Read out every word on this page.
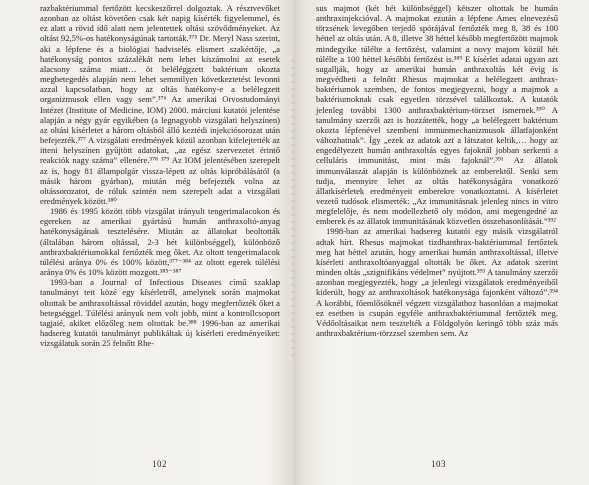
razbaktériummal fertőzött kecskeszőrrel dolgoztak. A résztvevőket azonban az oltást követően csak két napig kísérték figyelemmel, és ez alatt a rövid idő alatt nem jelentettek oltási szövődményeket. Az oltást 92,5%-os hatékonyságúnak tartották.³⁷⁵ Dr. Meryl Nass szerint, aki a lépfene és a biológiai hadviselés elismert szakértője, „a hatékonyság pontos százalékát nem lehet kiszámolni az esetek alacsony száma miatt… öt beléléggzett baktérium okozta megbetegedés alapján nem lehet semmilyen következtetést levonni azzal kapcsolatban, hogy az oltás hatékony-e a belélegzett organizmusok ellen vagy sem”.³⁷⁶ Az amerikai Orvostudományi Intézet (Institute of Medicine, IOM) 2000. márciusi kutatói jelentése alapján a négy gyár egyikében (a legnagyobb vizsgálati helyszínen) az oltási kísérletet a három oltásból álló keztédi injekciósorozat után befejezték.³⁷⁷ A vizsgálati eredmények közül azonban kifelejtették az itteni helyszínen gyűjtött adatokat, „az egész szervezetet érintő reakciók nagy száma” ellenére.³⁷⁸ ³⁷⁹ Az IOM jelentésében szerepelt az is, hogy 81 állampolgár vissza-lépett az oltás kipróbálásától (a másik három gyárban), miután még befejezték volna az oltássorozatot, de róluk szintén nem szerepelt adat a vizsgálati eredmények között.³⁸⁰

1986 és 1995 között több vizsgálat irányult tengerimalacokon és egereken az amerikai gyártású humán anthraxoltó-anyag hatékonyságának tesztelésére. Miután az állatokat beoltották (általában három oltással, 2-3 hét különbséggel), különböző anthraxbaktériumokkal fertőzték meg őket. Az oltott tengerimalacok túlélési aránya 0% és 100% között,³⁷⁷⁻³⁸⁴ az oltott egerek túlélési aránya 0% és 10% között mozgott.³⁸⁵⁻³⁸⁷

1993-ban a Journal of Infectious Diseases című szaklap tanulmányt tett közé egy kísérletről, amelynek során majmokat oltottak be anthraxoltással röviddel azután, hogy megfertőzték őket a betegséggel. Túlélési arányuk nem volt jobb, mint a kontrollcsoport tagjaié, akiket előzőleg nem oltottak be.³⁸⁸ 1996-ban az amerikai hadsereg kutatói tanulmányt publikáltak új kísérleti eredményeiket: vizsgálatuk során 25 felnőtt Rhe-

102

sus majmot (két hét különbséggel) kétszer oltottak be humán anthraxinjekcióval. A majmokat ezután a lépfene Ames elnevezésű törzsének levegőben terjedő spórájával fertőzték meg 8, 38 és 100 héttel az oltás után. A 8, illetve 38 héttel később megfertőzött majmok mindegyike túlélte a fertőzést, valamint a novy majom közül hét túlélte a 100 héttel későbbi fertőzést is.³⁸⁹ E kísérlet adatai ugyan azt sugallják, hogy az amerikai humán anthraxoltás két évig is megvédheti a felnőtt Rhesus majmokat a belélegzett anthrax-baktériumok szemben, de fontos megjegyezni, hogy a majmok a baktériumoknak csak egyetlen törzsével találkoztak. A kutatók jelenleg további 1300 anthraxbaktérium-törzset ismernek.³⁹⁰ A tanulmány szerzői azt is hozzátették, hogy „a belélegzett baktérium okozta lépfenével szembeni immunmechanizmusok állatfajonként változhatnak”. Így „ezek az adatok azt a látszatot keltik,… hogy az engedélyezett humán anthraxoltás egyes fajoknál jobban serkenti a celluláris immunitást, mint más fajoknál”.³⁹¹ Az állatok immunválaszát alapján is különböznek az emberektől. Senki sem tudja, mennyire lehet az oltás hatékonyságára vonatkozó állatkísérletek eredményeit emberekre vonatkoztatni. A kísérletet vezető tudósok elismerték: „Az immunitásnak jelenleg nincs in vitro megfelelője, és nem modellezhető oly módon, ami megengedné az emberek és az állatok immunitásának közvetlen összehasonlítását.”³⁹²

1998-ban az amerikai hadsereg kutatói egy másik vizsgálatról adtak hírt. Rhesus majmokat tizdhanthrax-baktériummal fertőztek meg hat héttel azután, hogy amerikai humán anthraxoltással, illetve kísérleti anthraxoltóanyaggal oltották be őket. Az adatok szerint minden oltás „szignifikáns védelmet” nyújtott.³⁹³ A tanulmány szerzői azonban megjegyezték, hogy „a jelenlegi vizsgálatok eredményeiből kiderült, hogy az anthraxoltások hatékonysága fajonként változó”.³⁹⁴ A korábbi, főemlősöknél végzett vizsgálathoz hasonlóan a majmokat ez esetben is csupán egyféle anthraxbaktériummal fertőzték meg. Védőoltásaikat nem tesztelték a Földgolyón keringő több száz más anthraxbaktérium-törzzsel szemben sem. Az

103
